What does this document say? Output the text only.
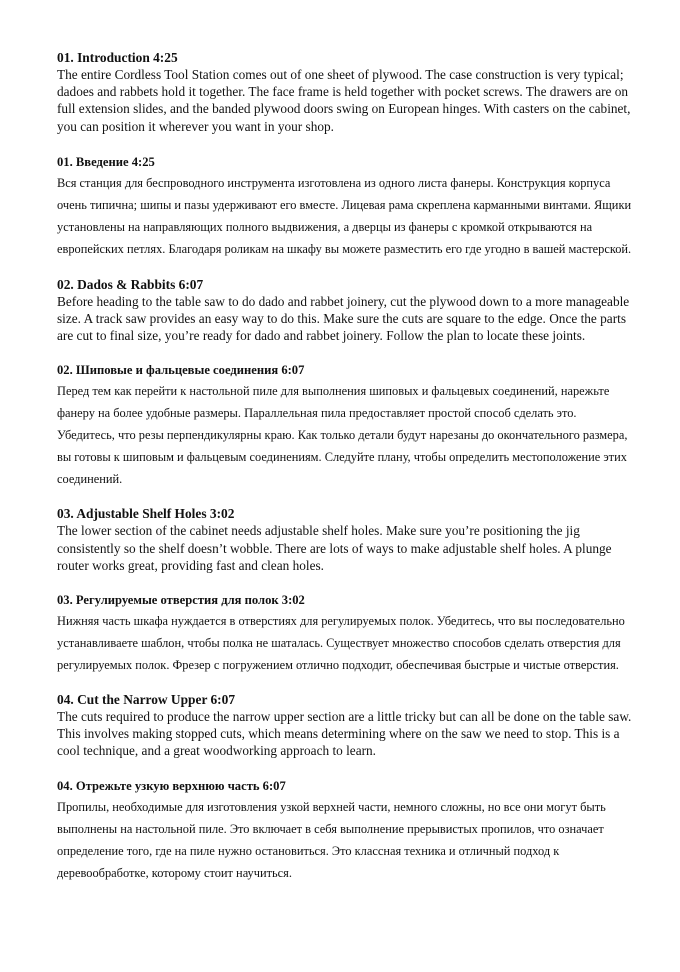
01. Introduction 4:25

The entire Cordless Tool Station comes out of one sheet of plywood. The case construction is very typical; dadoes and rabbets hold it together. The face frame is held together with pocket screws. The drawers are on full extension slides, and the banded plywood doors swing on European hinges. With casters on the cabinet, you can position it wherever you want in your shop.

01. Введение 4:25

Вся станция для беспроводного инструмента изготовлена из одного листа фанеры. Конструкция корпуса очень типична; шипы и пазы удерживают его вместе. Лицевая рама скреплена карманными винтами. Ящики установлены на направляющих полного выдвижения, а дверцы из фанеры с кромкой открываются на европейских петлях. Благодаря роликам на шкафу вы можете разместить его где угодно в вашей мастерской.

02. Dados & Rabbits 6:07

Before heading to the table saw to do dado and rabbet joinery, cut the plywood down to a more manageable size. A track saw provides an easy way to do this. Make sure the cuts are square to the edge. Once the parts are cut to final size, you’re ready for dado and rabbet joinery. Follow the plan to locate these joints.

02. Шиповые и фальцевые соединения 6:07

Перед тем как перейти к настольной пиле для выполнения шиповых и фальцевых соединений, нарежьте фанеру на более удобные размеры. Параллельная пила предоставляет простой способ сделать это. Убедитесь, что резы перпендикулярны краю. Как только детали будут нарезаны до окончательного размера, вы готовы к шиповым и фальцевым соединениям. Следуйте плану, чтобы определить местоположение этих соединений.

03. Adjustable Shelf Holes 3:02

The lower section of the cabinet needs adjustable shelf holes. Make sure you’re positioning the jig consistently so the shelf doesn’t wobble. There are lots of ways to make adjustable shelf holes. A plunge router works great, providing fast and clean holes.

03. Регулируемые отверстия для полок 3:02

Нижняя часть шкафа нуждается в отверстиях для регулируемых полок. Убедитесь, что вы последовательно устанавливаете шаблон, чтобы полка не шаталась. Существует множество способов сделать отверстия для регулируемых полок. Фрезер с погружением отлично подходит, обеспечивая быстрые и чистые отверстия.

04. Cut the Narrow Upper 6:07

The cuts required to produce the narrow upper section are a little tricky but can all be done on the table saw. This involves making stopped cuts, which means determining where on the saw we need to stop. This is a cool technique, and a great woodworking approach to learn.

04. Отрежьте узкую верхнюю часть 6:07

Пропилы, необходимые для изготовления узкой верхней части, немного сложны, но все они могут быть выполнены на настольной пиле. Это включает в себя выполнение прерывистых пропилов, что означает определение того, где на пиле нужно остановиться. Это классная техника и отличный подход к деревообработке, которому стоит научиться.
